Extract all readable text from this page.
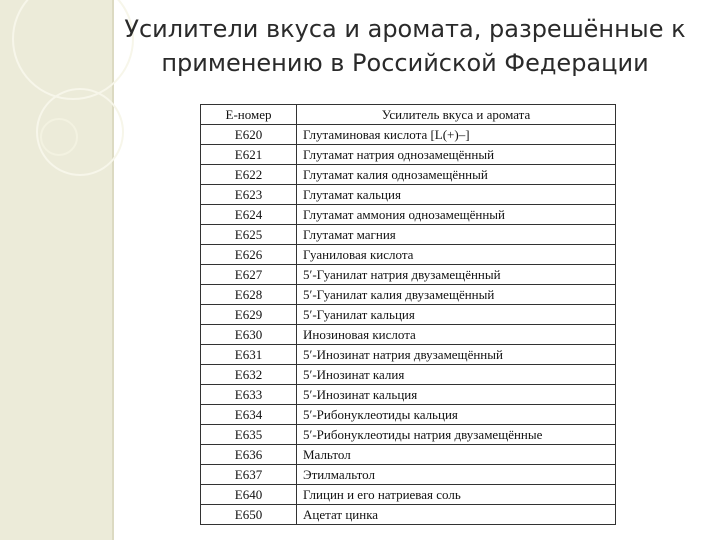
Усилители вкуса и аромата, разрешённые к
применению в Российской Федерации
Е-номер	Усилитель вкуса и аромата
Е620	Глутаминовая кислота [L(+)–]
Е621	Глутамат натрия однозамещённый
Е622	Глутамат калия однозамещённый
Е623	Глутамат кальция
Е624	Глутамат аммония однозамещённый
Е625	Глутамат магния
Е626	Гуаниловая кислота
Е627	5′-Гуанилат натрия двузамещённый
Е628	5′-Гуанилат калия двузамещённый
Е629	5′-Гуанилат кальция
Е630	Инозиновая кислота
Е631	5′-Инозинат натрия двузамещённый
Е632	5′-Инозинат калия
Е633	5′-Инозинат кальция
Е634	5′-Рибонуклеотиды кальция
Е635	5′-Рибонуклеотиды натрия двузамещённые
Е636	Мальтол
Е637	Этилмальтол
Е640	Глицин и его натриевая соль
Е650	Ацетат цинка
